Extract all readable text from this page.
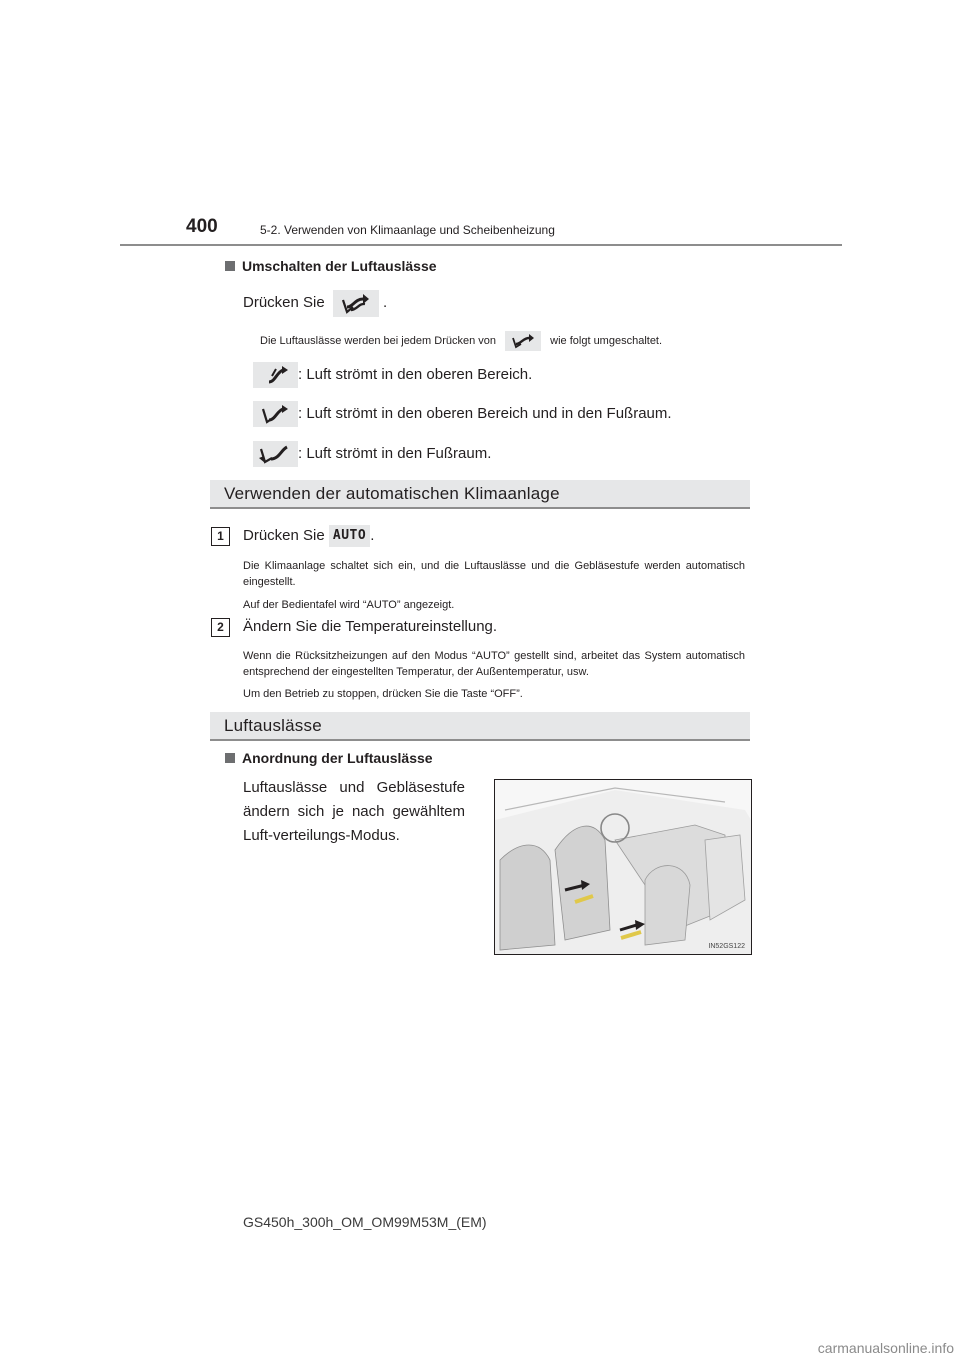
400	5-2. Verwenden von Klimaanlage und Scheibenheizung
Umschalten der Luftauslässe
Drücken Sie	.
Die Luftauslässe werden bei jedem Drücken von	wie folgt umgeschaltet.
: Luft strömt in den oberen Bereich.
: Luft strömt in den oberen Bereich und in den Fußraum.
: Luft strömt in den Fußraum.
Verwenden der automatischen Klimaanlage
1	Drücken Sie AUTO .
Die Klimaanlage schaltet sich ein, und die Luftauslässe und die Gebläsestufe werden automatisch eingestellt.
Auf der Bedientafel wird “AUTO” angezeigt.
2	Ändern Sie die Temperatureinstellung.
Wenn die Rücksitzheizungen auf den Modus “AUTO” gestellt sind, arbeitet das System automatisch entsprechend der eingestellten Temperatur, der Außentemperatur, usw.
Um den Betrieb zu stoppen, drücken Sie die Taste “OFF”.
Luftauslässe
Anordnung der Luftauslässe
Luftauslässe und Gebläsestufe ändern sich je nach gewähltem Luft-verteilungs-Modus.
IN52GS122
GS450h_300h_OM_OM99M53M_(EM)
carmanualsonline.info
